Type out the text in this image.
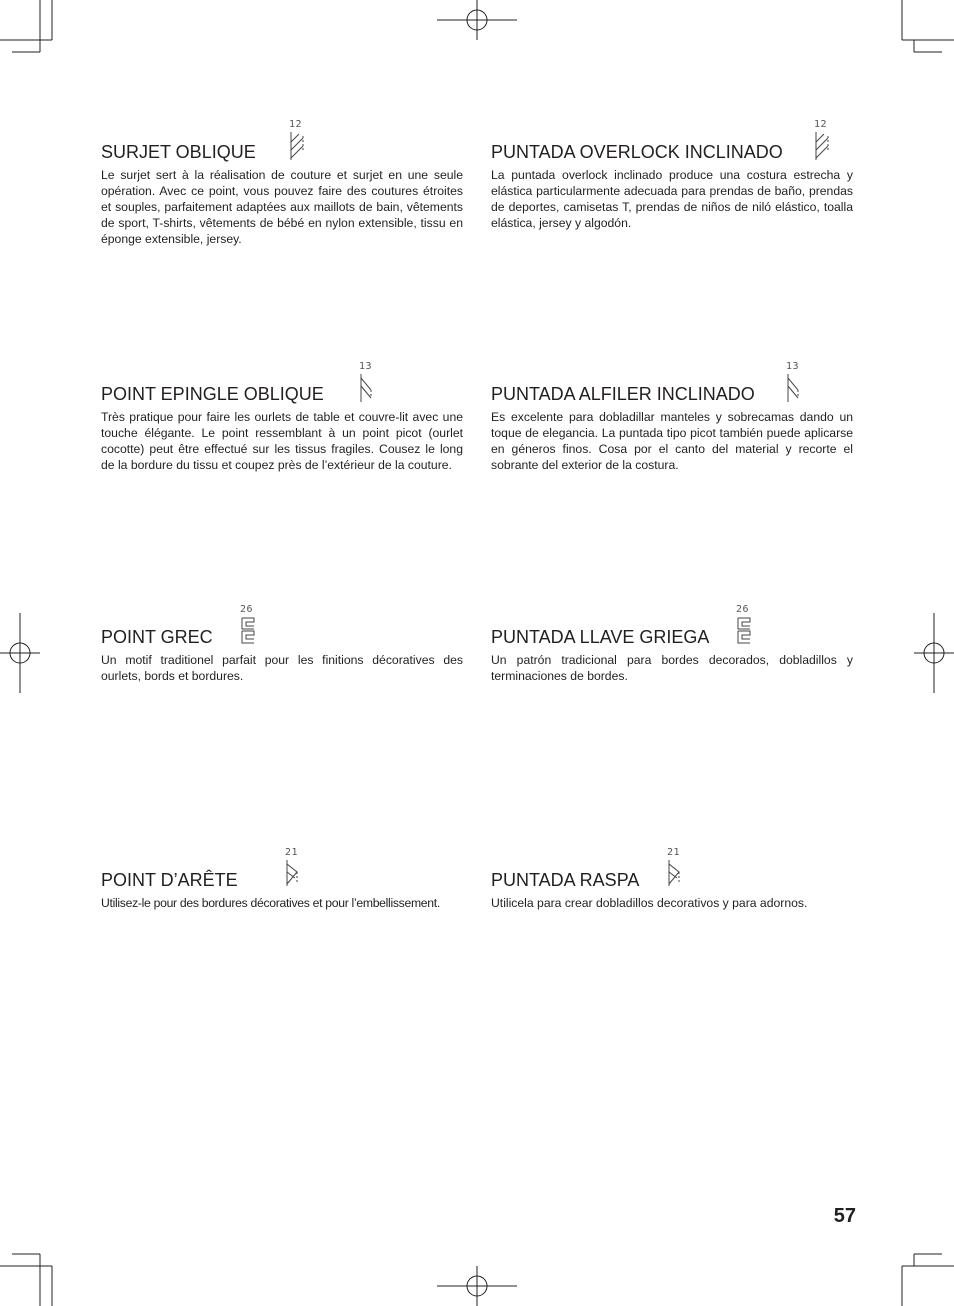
SURJET OBLIQUE
12

Le surjet sert à la réalisation de couture et surjet en une seule opération. Avec ce point, vous pouvez faire des coutures étroites et souples, parfaitement adaptées aux maillots de bain, vêtements de sport, T-shirts, vêtements de bébé en nylon extensible, tissu en éponge extensible, jersey.

PUNTADA OVERLOCK INCLINADO
12

La puntada overlock inclinado produce una costura estrecha y elástica particularmente adecuada para prendas de baño, prendas de deportes, camisetas T, prendas de niños de niló elástico, toalla elástica, jersey y algodón.

POINT EPINGLE OBLIQUE
13

Très pratique pour faire les ourlets de table et couvre-lit avec une touche élégante. Le point ressemblant à un point picot (ourlet cocotte) peut être effectué sur les tissus fragiles. Cousez le long de la bordure du tissu et coupez près de l’extérieur de la couture.

PUNTADA ALFILER INCLINADO
13

Es excelente para dobladillar manteles y sobrecamas dando un toque de elegancia. La puntada tipo picot también puede aplicarse en géneros finos. Cosa por el canto del material y recorte el sobrante del exterior de la costura.

POINT GREC
26

Un motif traditionel parfait pour les finitions décoratives des ourlets, bords et bordures.

PUNTADA LLAVE GRIEGA
26

Un patrón tradicional para bordes decorados, dobladillos y terminaciones de bordes.

POINT D’ARÊTE
21

Utilisez-le pour des bordures décoratives et pour l’embellissement.

PUNTADA RASPA
21

Utilicela para crear dobladillos decorativos y para adornos.

57
